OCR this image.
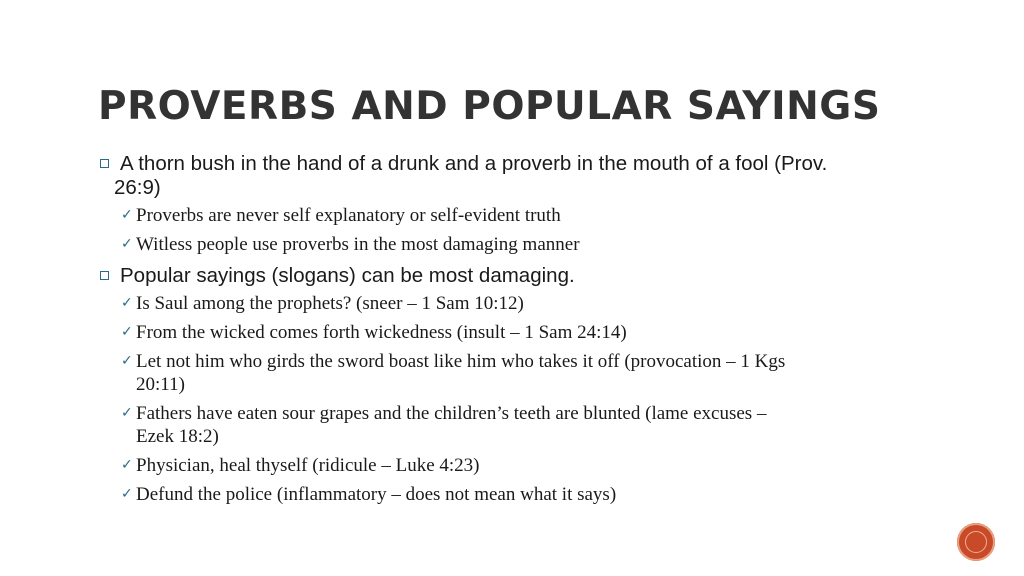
PROVERBS AND POPULAR SAYINGS
A thorn bush in the hand of a drunk and a proverb in the mouth of a fool (Prov.
26:9)
✓ Proverbs are never self explanatory or self-evident truth
✓ Witless people use proverbs in the most damaging manner
Popular sayings (slogans) can be most damaging.
✓ Is Saul among the prophets? (sneer – 1 Sam 10:12)
✓ From the wicked comes forth wickedness (insult – 1 Sam 24:14)
✓ Let not him who girds the sword boast like him who takes it off (provocation – 1 Kgs
20:11)
✓ Fathers have eaten sour grapes and the children’s teeth are blunted (lame excuses –
Ezek 18:2)
✓ Physician, heal thyself (ridicule – Luke 4:23)
✓ Defund the police (inflammatory – does not mean what it says)
